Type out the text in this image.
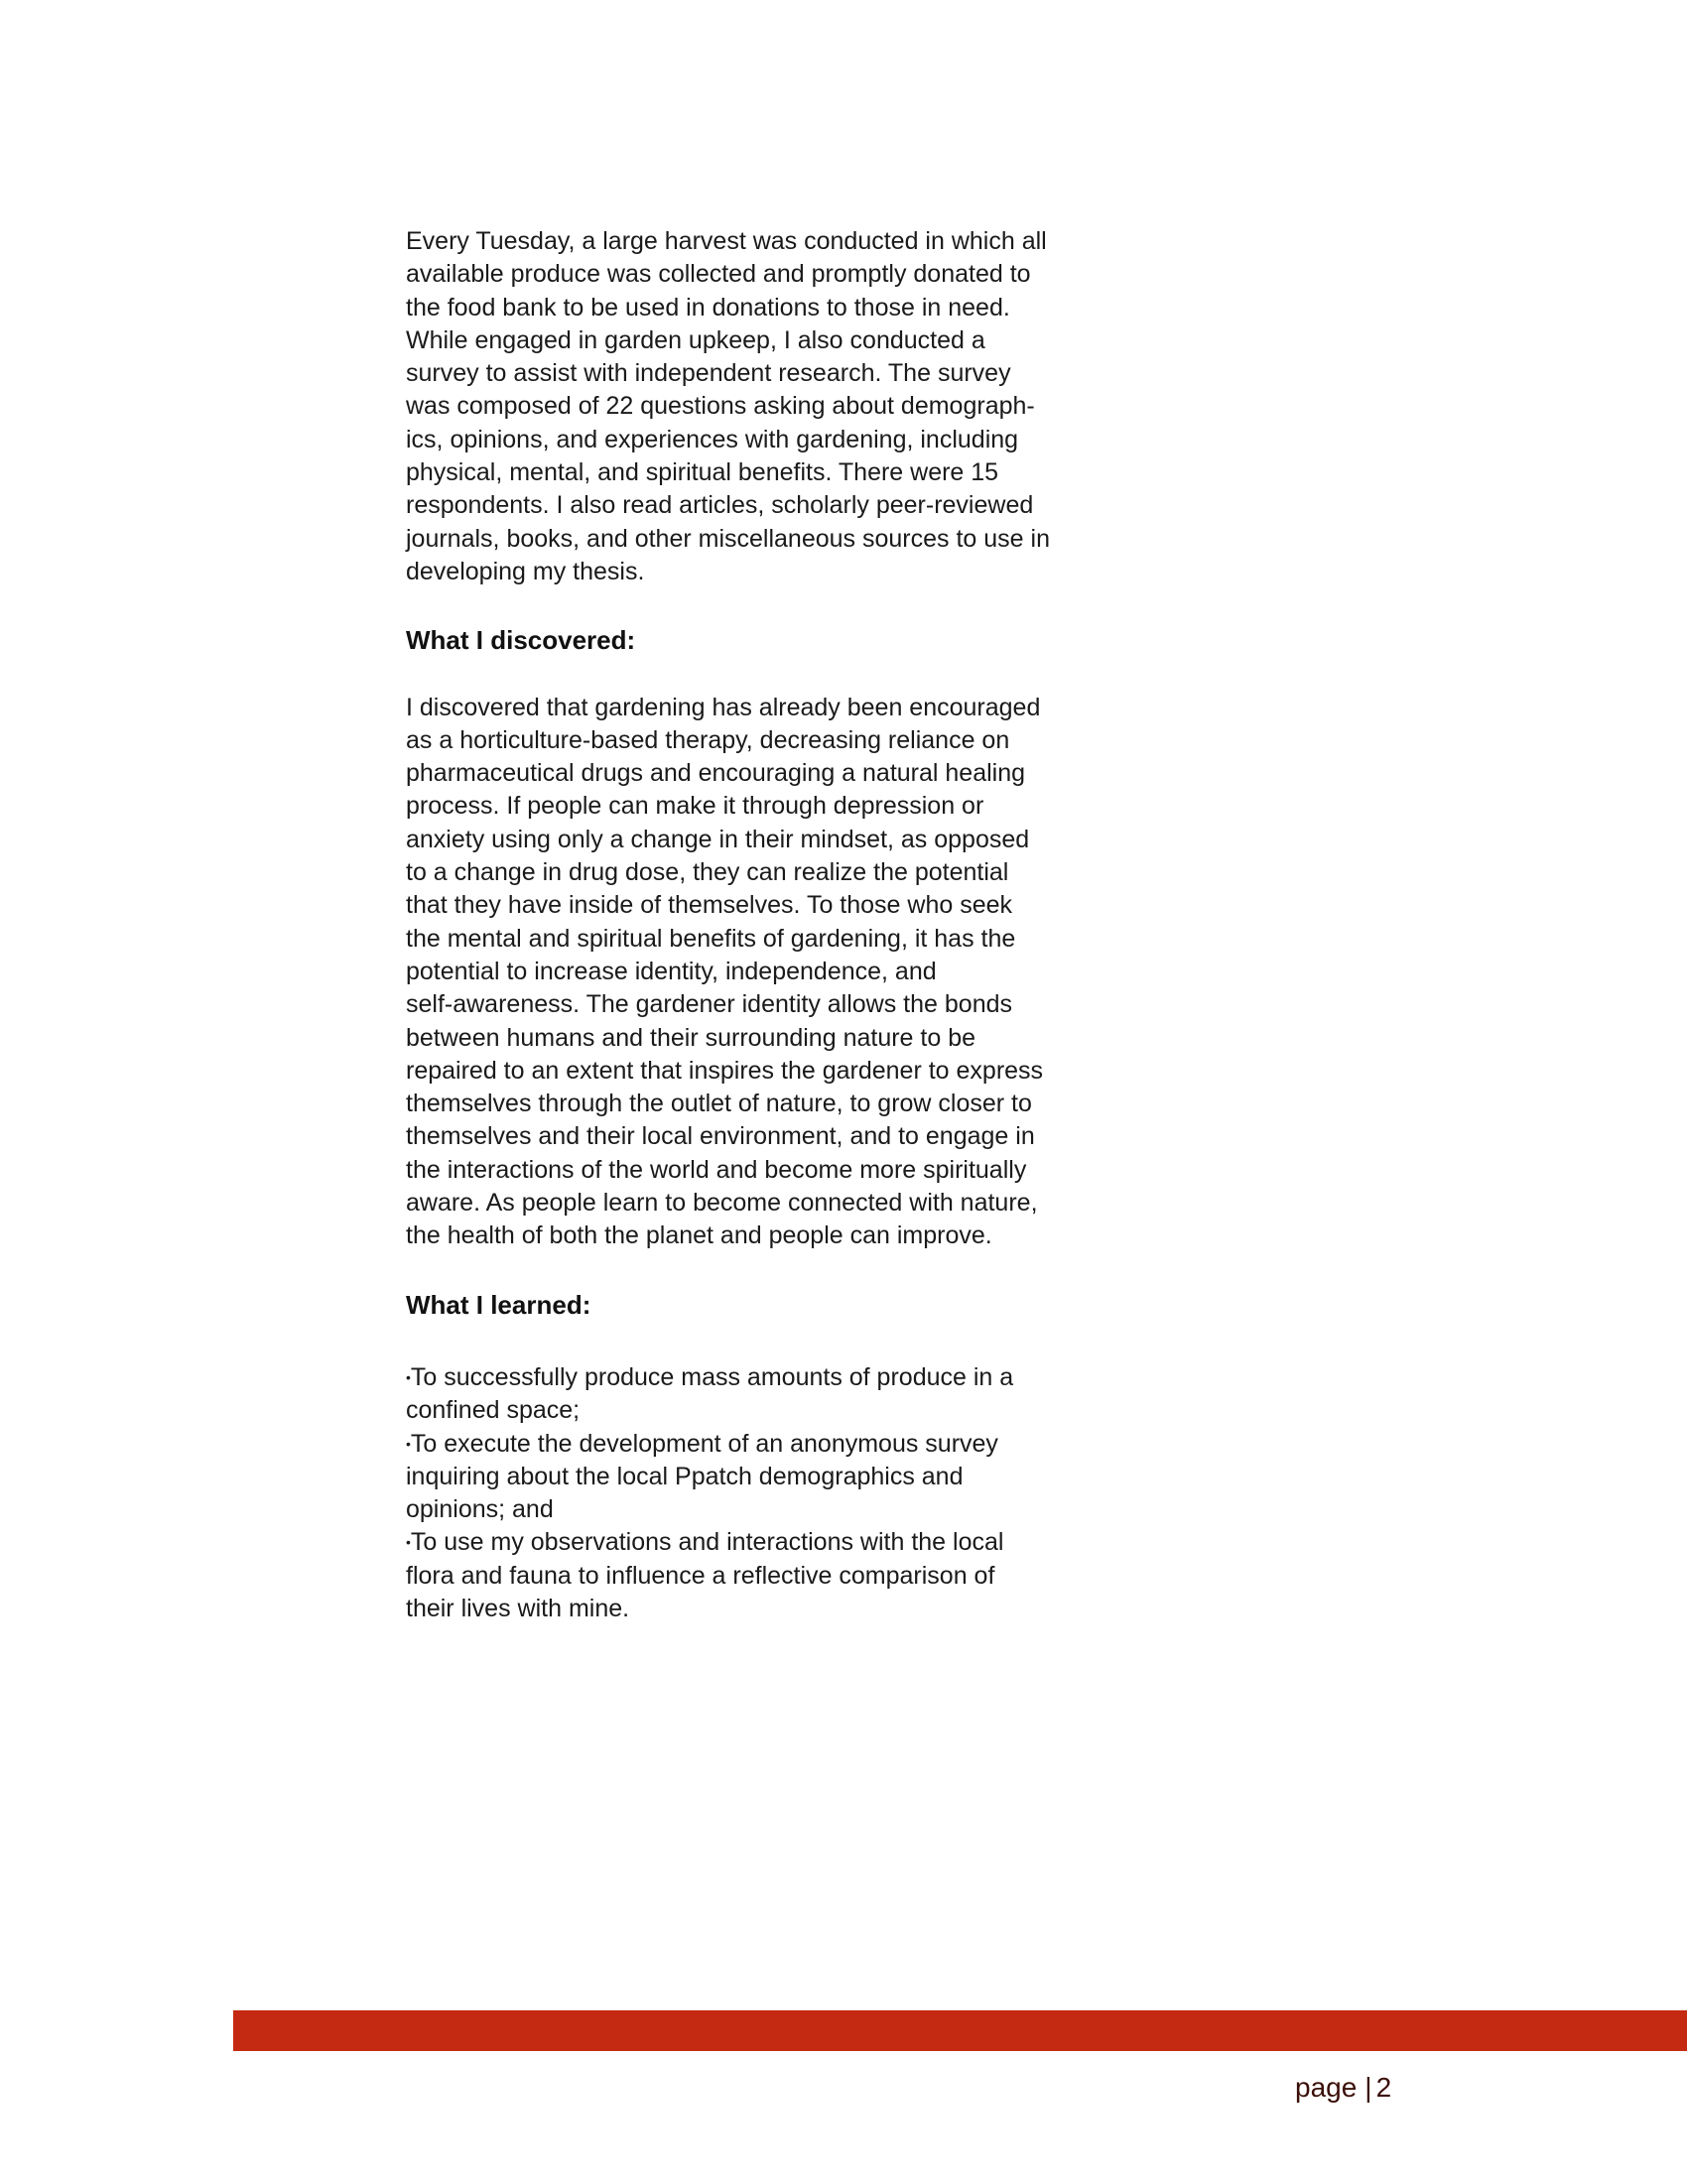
Every Tuesday, a large harvest was conducted in which all
available produce was collected and promptly donated to
the food bank to be used in donations to those in need.
While engaged in garden upkeep, I also conducted a
survey to assist with independent research. The survey
was composed of 22 questions asking about demograph-
ics, opinions, and experiences with gardening, including
physical, mental, and spiritual benefits. There were 15
respondents. I also read articles, scholarly peer-reviewed
journals, books, and other miscellaneous sources to use in
developing my thesis.

What I discovered:

I discovered that gardening has already been encouraged
as a horticulture-based therapy, decreasing reliance on
pharmaceutical drugs and encouraging a natural healing
process. If people can make it through depression or
anxiety using only a change in their mindset, as opposed
to a change in drug dose, they can realize the potential
that they have inside of themselves. To those who seek
the mental and spiritual benefits of gardening, it has the
potential to increase identity, independence, and
self-awareness. The gardener identity allows the bonds
between humans and their surrounding nature to be
repaired to an extent that inspires the gardener to express
themselves through the outlet of nature, to grow closer to
themselves and their local environment, and to engage in
the interactions of the world and become more spiritually
aware. As people learn to become connected with nature,
the health of both the planet and people can improve.

What I learned:
•To successfully produce mass amounts of produce in a
confined space;
•To execute the development of an anonymous survey
inquiring about the local Ppatch demographics and
opinions; and
•To use my observations and interactions with the local
flora and fauna to influence a reflective comparison of
their lives with mine.
page | 2
